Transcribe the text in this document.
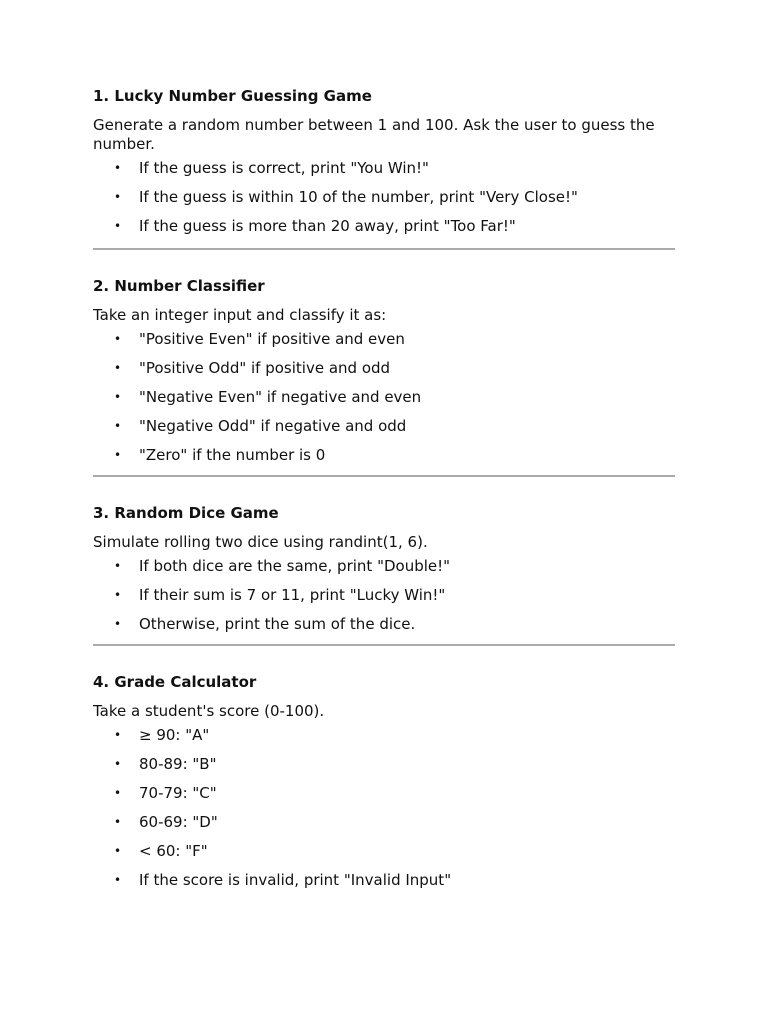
1. Lucky Number Guessing Game
Generate a random number between 1 and 100. Ask the user to guess the number.
• If the guess is correct, print "You Win!"
• If the guess is within 10 of the number, print "Very Close!"
• If the guess is more than 20 away, print "Too Far!"
2. Number Classifier
Take an integer input and classify it as:
• "Positive Even" if positive and even
• "Positive Odd" if positive and odd
• "Negative Even" if negative and even
• "Negative Odd" if negative and odd
• "Zero" if the number is 0
3. Random Dice Game
Simulate rolling two dice using randint(1, 6).
• If both dice are the same, print "Double!"
• If their sum is 7 or 11, print "Lucky Win!"
• Otherwise, print the sum of the dice.
4. Grade Calculator
Take a student's score (0-100).
• ≥ 90: "A"
• 80-89: "B"
• 70-79: "C"
• 60-69: "D"
• < 60: "F"
• If the score is invalid, print "Invalid Input"
